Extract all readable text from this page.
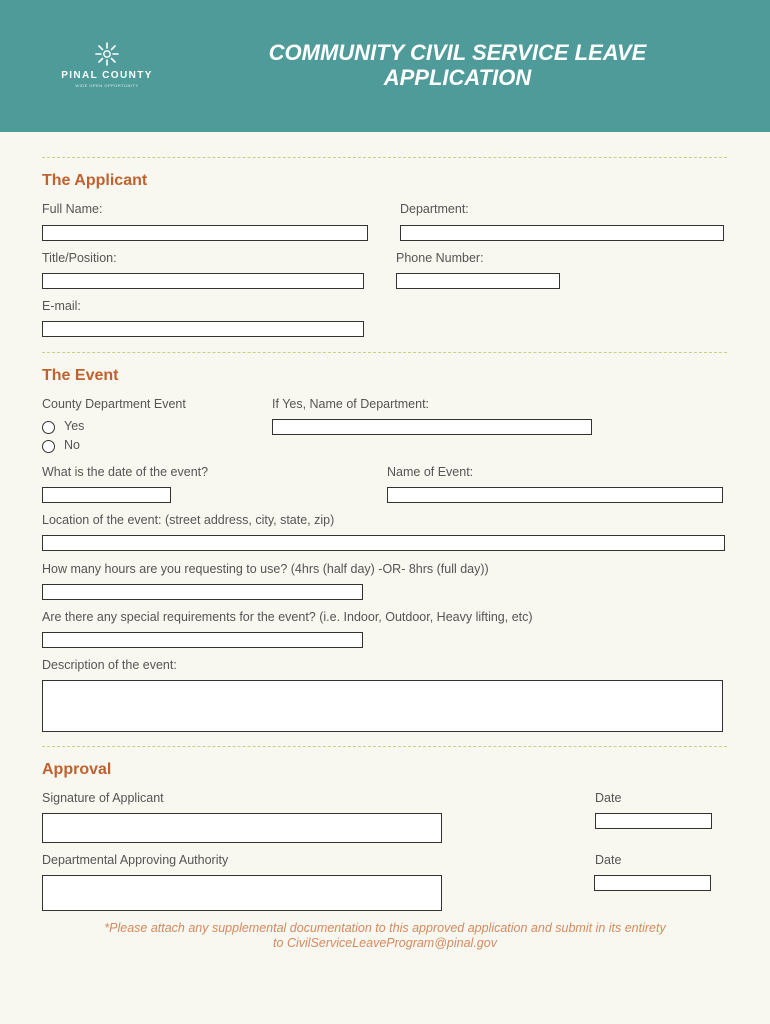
PINAL COUNTY
WIDE OPEN OPPORTUNITY
COMMUNITY CIVIL SERVICE LEAVE
APPLICATION
The Applicant
Full Name:	Department:
Title/Position:	Phone Number:
E-mail:
The Event
County Department Event	If Yes, Name of Department:
Yes
No
What is the date of the event?	Name of Event:
Location of the event: (street address, city, state, zip)
How many hours are you requesting to use? (4hrs (half day) -OR- 8hrs (full day))
Are there any special requirements for the event? (i.e. Indoor, Outdoor, Heavy lifting, etc)
Description of the event:
Approval
Signature of Applicant	Date
Departmental Approving Authority	Date
*Please attach any supplemental documentation to this approved application and submit in its entirety
to CivilServiceLeaveProgram@pinal.gov
